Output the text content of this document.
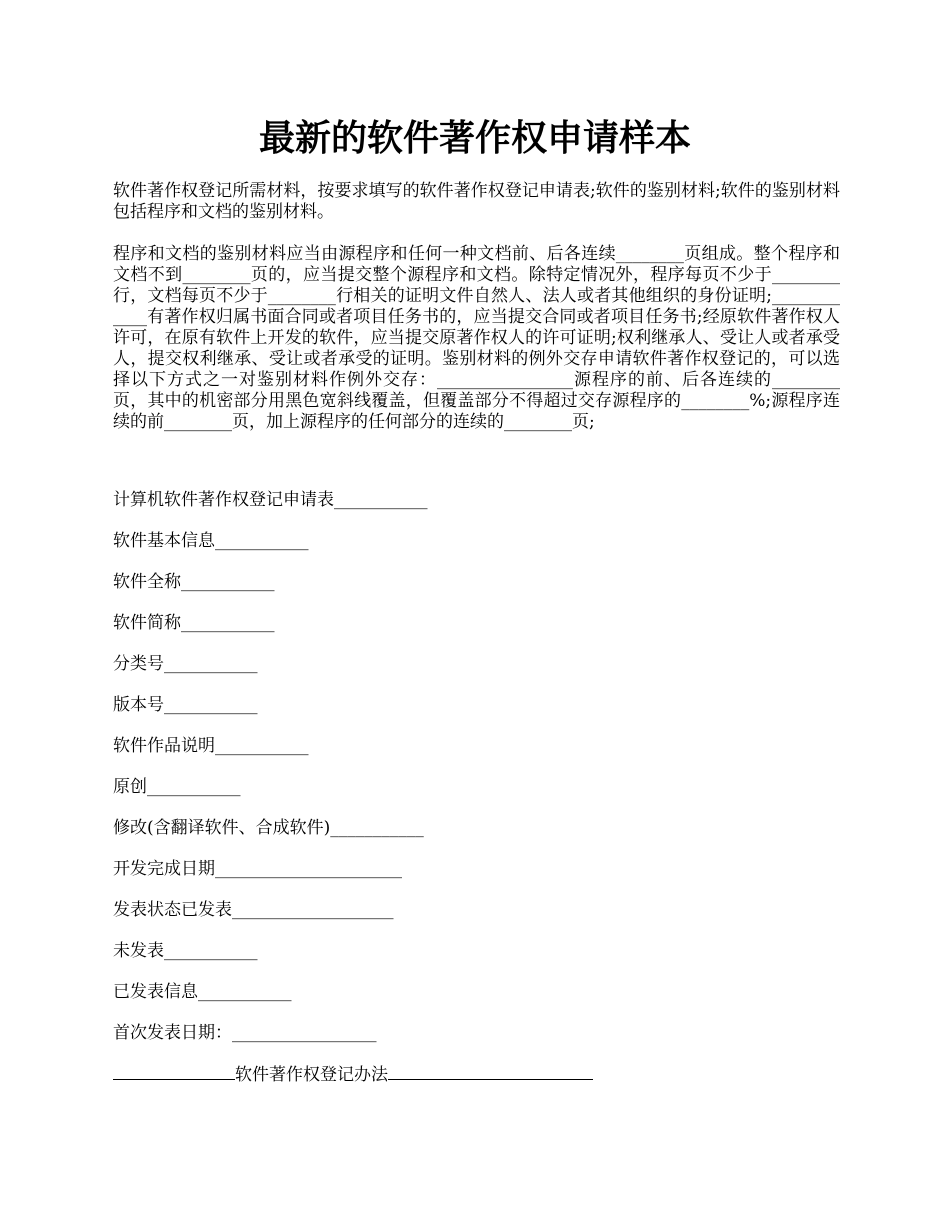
最新的软件著作权申请样本

软件著作权登记所需材料，按要求填写的软件著作权登记申请表;软件的鉴别材料;软件的鉴别材料包括程序和文档的鉴别材料。

程序和文档的鉴别材料应当由源程序和任何一种文档前、后各连续________页组成。整个程序和文档不到________页的，应当提交整个源程序和文档。除特定情况外，程序每页不少于________行，文档每页不少于________行相关的证明文件自然人、法人或者其他组织的身份证明;____________有著作权归属书面合同或者项目任务书的，应当提交合同或者项目任务书;经原软件著作权人许可，在原有软件上开发的软件，应当提交原著作权人的许可证明;权利继承人、受让人或者承受人，提交权利继承、受让或者承受的证明。鉴别材料的例外交存申请软件著作权登记的，可以选择以下方式之一对鉴别材料作例外交存：________________源程序的前、后各连续的________页，其中的机密部分用黑色宽斜线覆盖，但覆盖部分不得超过交存源程序的________%;源程序连续的前________页，加上源程序的任何部分的连续的________页;

计算机软件著作权登记申请表___________

软件基本信息___________

软件全称___________

软件简称___________

分类号___________

版本号___________

软件作品说明___________

原创___________

修改(含翻译软件、合成软件)___________

开发完成日期______________________

发表状态已发表___________________

未发表___________

已发表信息___________

首次发表日期：_________________

软件著作权登记办法
